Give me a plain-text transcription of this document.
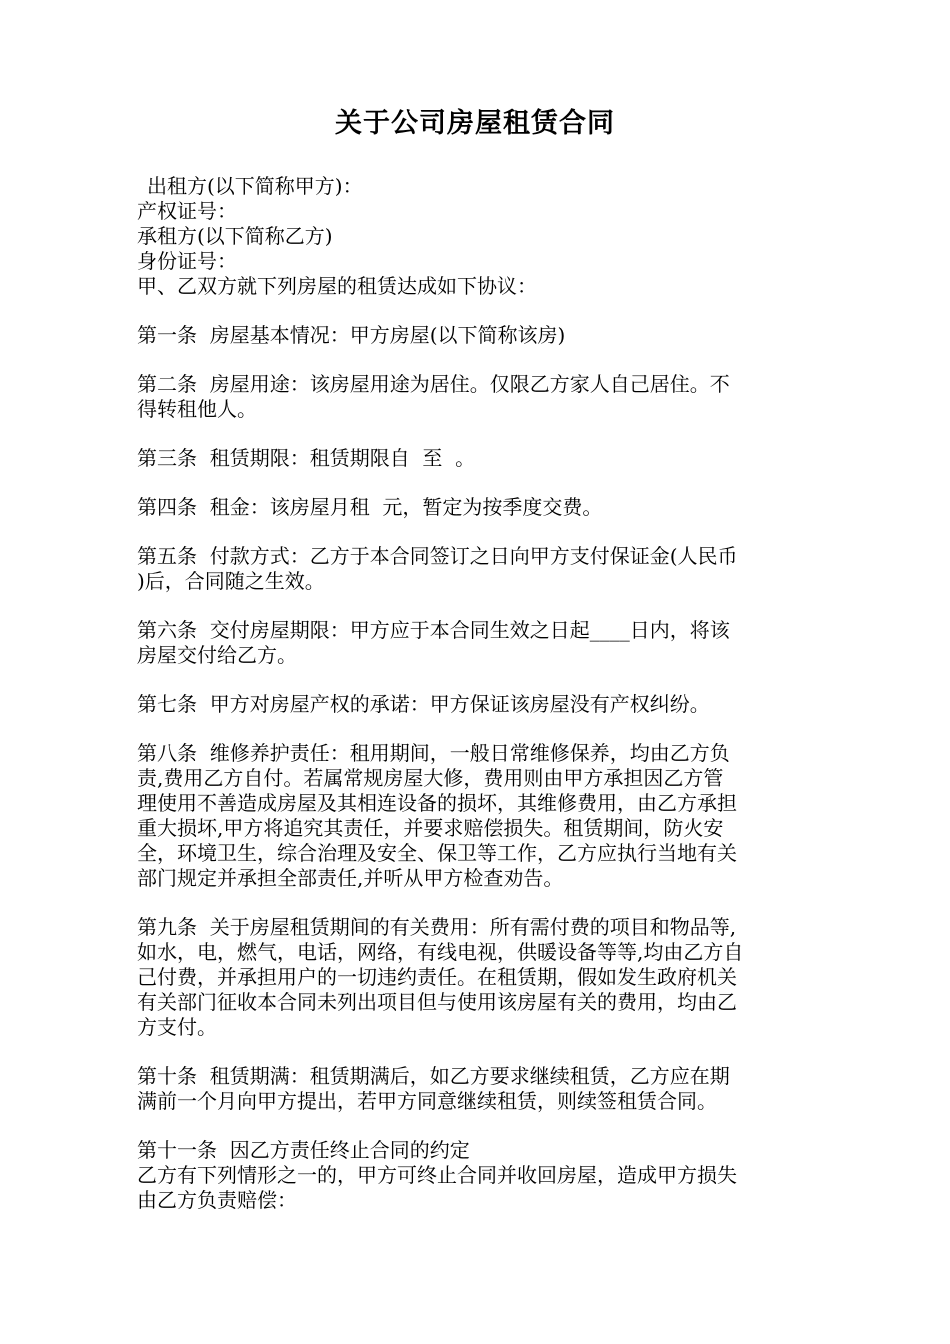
关于公司房屋租赁合同
出租方(以下简称甲方)：
产权证号：
承租方(以下简称乙方)
身份证号：
甲、乙双方就下列房屋的租赁达成如下协议：
第一条  房屋基本情况：甲方房屋(以下简称该房)
第二条  房屋用途：该房屋用途为居住。仅限乙方家人自己居住。不
得转租他人。
第三条  租赁期限：租赁期限自  至  。
第四条  租金：该房屋月租  元，暂定为按季度交费。
第五条  付款方式：乙方于本合同签订之日向甲方支付保证金(人民币
)后，合同随之生效。
第六条  交付房屋期限：甲方应于本合同生效之日起____日内，将该
房屋交付给乙方。
第七条  甲方对房屋产权的承诺：甲方保证该房屋没有产权纠纷。
第八条  维修养护责任：租用期间，一般日常维修保养，均由乙方负
责,费用乙方自付。若属常规房屋大修，费用则由甲方承担因乙方管
理使用不善造成房屋及其相连设备的损坏，其维修费用，由乙方承担
重大损坏,甲方将追究其责任，并要求赔偿损失。租赁期间，防火安
全，环境卫生，综合治理及安全、保卫等工作，乙方应执行当地有关
部门规定并承担全部责任,并听从甲方检查劝告。
第九条  关于房屋租赁期间的有关费用：所有需付费的项目和物品等,
如水，电，燃气，电话，网络，有线电视，供暖设备等等,均由乙方自
己付费，并承担用户的一切违约责任。在租赁期，假如发生政府机关
有关部门征收本合同未列出项目但与使用该房屋有关的费用，均由乙
方支付。
第十条  租赁期满：租赁期满后，如乙方要求继续租赁，乙方应在期
满前一个月向甲方提出，若甲方同意继续租赁，则续签租赁合同。
第十一条  因乙方责任终止合同的约定
乙方有下列情形之一的，甲方可终止合同并收回房屋，造成甲方损失
由乙方负责赔偿：
